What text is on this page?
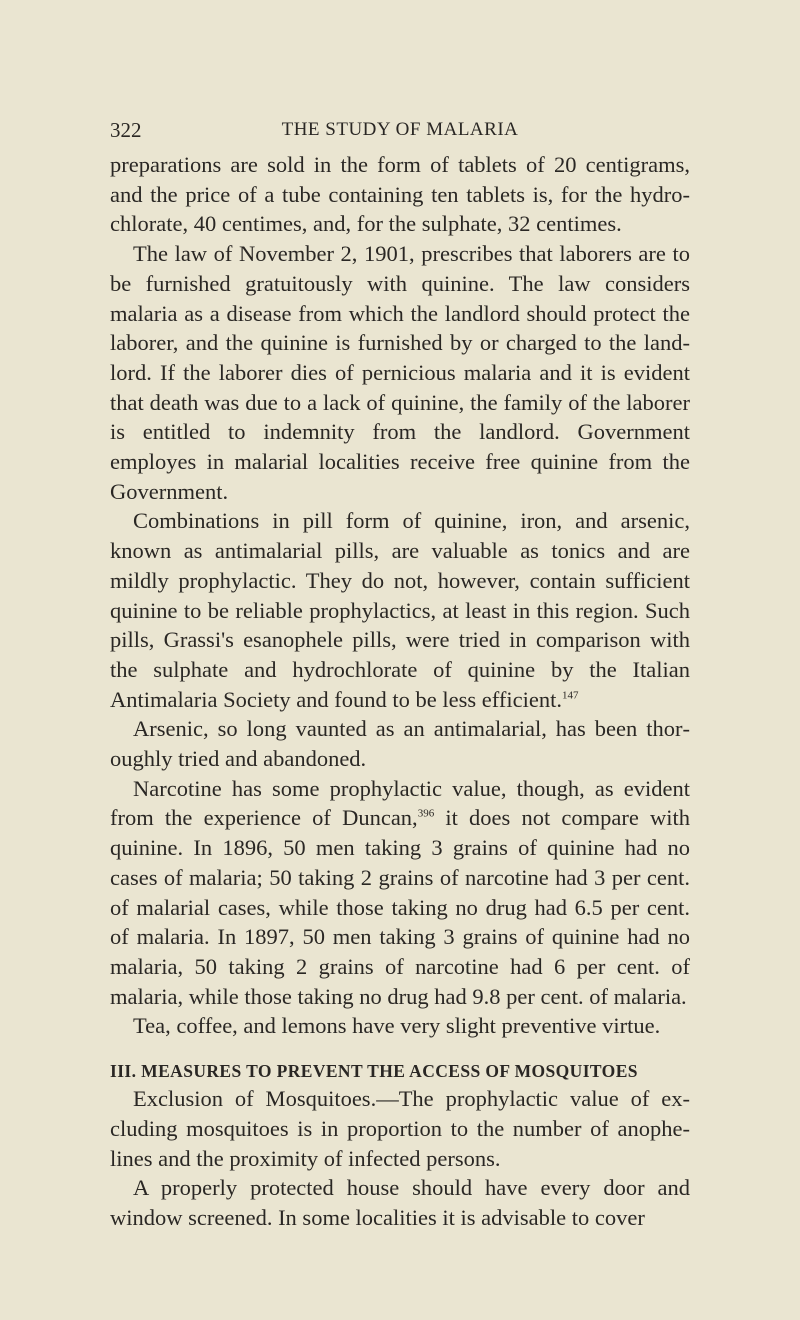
322	THE STUDY OF MALARIA

preparations are sold in the form of tablets of 20 centigrams, and the price of a tube containing ten tablets is, for the hydrochlorate, 40 centimes, and, for the sulphate, 32 centimes.

The law of November 2, 1901, prescribes that laborers are to be furnished gratuitously with quinine. The law considers malaria as a disease from which the landlord should protect the laborer, and the quinine is furnished by or charged to the landlord. If the laborer dies of pernicious malaria and it is evident that death was due to a lack of quinine, the family of the laborer is entitled to indemnity from the landlord. Government employes in malarial localities receive free quinine from the Government.

Combinations in pill form of quinine, iron, and arsenic, known as antimalarial pills, are valuable as tonics and are mildly prophylactic. They do not, however, contain sufficient quinine to be reliable prophylactics, at least in this region. Such pills, Grassi's esanophele pills, were tried in comparison with the sulphate and hydrochlorate of quinine by the Italian Antimalaria Society and found to be less efficient.$^{147}$

Arsenic, so long vaunted as an antimalarial, has been thoroughly tried and abandoned.

Narcotine has some prophylactic value, though, as evident from the experience of Duncan,$^{396}$ it does not compare with quinine. In 1896, 50 men taking 3 grains of quinine had no cases of malaria; 50 taking 2 grains of narcotine had 3 per cent. of malarial cases, while those taking no drug had 6.5 per cent. of malaria. In 1897, 50 men taking 3 grains of quinine had no malaria, 50 taking 2 grains of narcotine had 6 per cent. of malaria, while those taking no drug had 9.8 per cent. of malaria.

Tea, coffee, and lemons have very slight preventive virtue.

III. MEASURES TO PREVENT THE ACCESS OF MOSQUITOES

Exclusion of Mosquitoes.—The prophylactic value of excluding mosquitoes is in proportion to the number of anophelines and the proximity of infected persons.

A properly protected house should have every door and window screened. In some localities it is advisable to cover
